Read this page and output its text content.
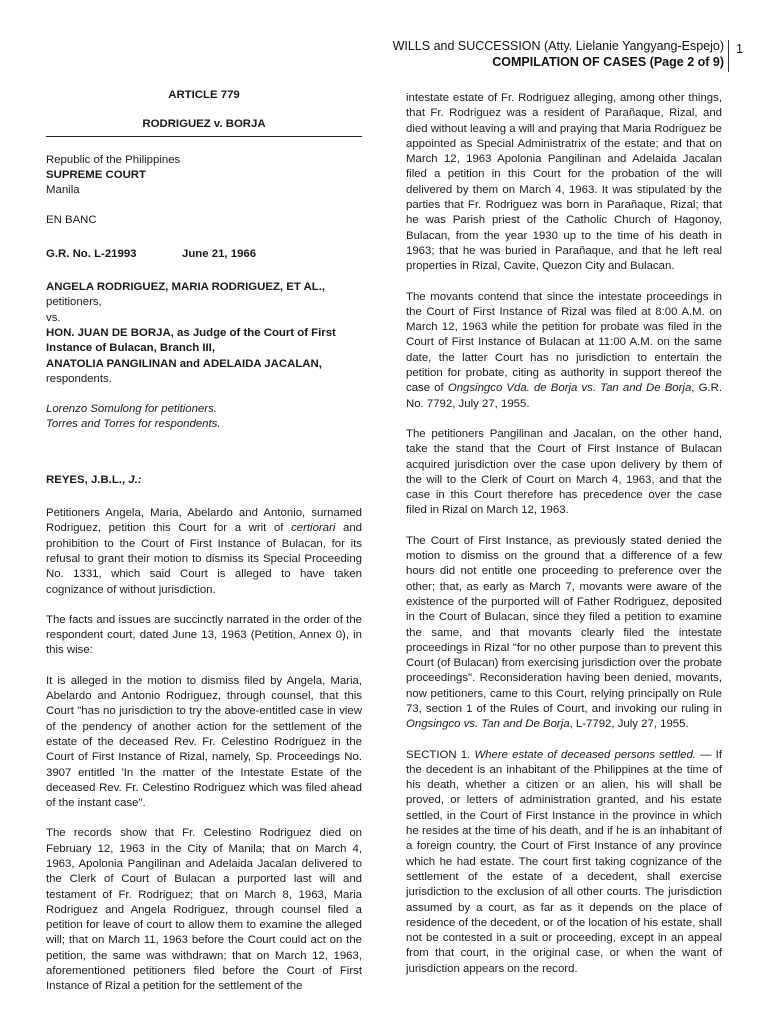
WILLS and SUCCESSION (Atty. Lielanie Yangyang-Espejo)
COMPILATION OF CASES (Page 2 of 9)
1
ARTICLE 779
RODRIGUEZ v. BORJA
Republic of the Philippines
SUPREME COURT
Manila
EN BANC
G.R. No. L-21993	June 21, 1966
ANGELA RODRIGUEZ, MARIA RODRIGUEZ, ET AL.,
petitioners,
vs.
HON. JUAN DE BORJA, as Judge of the Court of First Instance of Bulacan, Branch III,
ANATOLIA PANGILINAN and ADELAIDA JACALAN,
respondents.
Lorenzo Somulong for petitioners.
Torres and Torres for respondents.

REYES, J.B.L., J.:

Petitioners Angela, Maria, Abelardo and Antonio, surnamed Rodriguez, petition this Court for a writ of certiorari and prohibition to the Court of First Instance of Bulacan, for its refusal to grant their motion to dismiss its Special Proceeding No. 1331, which said Court is alleged to have taken cognizance of without jurisdiction.

The facts and issues are succinctly narrated in the order of the respondent court, dated June 13, 1963 (Petition, Annex 0), in this wise:

It is alleged in the motion to dismiss filed by Angela, Maria, Abelardo and Antonio Rodriguez, through counsel, that this Court "has no jurisdiction to try the above-entitled case in view of the pendency of another action for the settlement of the estate of the deceased Rev. Fr. Celestino Rodriguez in the Court of First Instance of Rizal, namely, Sp. Proceedings No. 3907 entitled 'In the matter of the Intestate Estate of the deceased Rev. Fr. Celestino Rodriguez which was filed ahead of the instant case".

The records show that Fr. Celestino Rodriguez died on February 12, 1963 in the City of Manila; that on March 4, 1963, Apolonia Pangilinan and Adelaida Jacalan delivered to the Clerk of Court of Bulacan a purported last will and testament of Fr. Rodriguez; that on March 8, 1963, Maria Rodriguez and Angela Rodriguez, through counsel filed a petition for leave of court to allow them to examine the alleged will; that on March 11, 1963 before the Court could act on the petition, the same was withdrawn; that on March 12, 1963, aforementioned petitioners filed before the Court of First Instance of Rizal a petition for the settlement of the

intestate estate of Fr. Rodriguez alleging, among other things, that Fr. Rodriguez was a resident of Parañaque, Rizal, and died without leaving a will and praying that Maria Rodriguez be appointed as Special Administratrix of the estate; and that on March 12, 1963 Apolonia Pangilinan and Adelaida Jacalan filed a petition in this Court for the probation of the will delivered by them on March 4, 1963. It was stipulated by the parties that Fr. Rodriguez was born in Parañaque, Rizal; that he was Parish priest of the Catholic Church of Hagonoy, Bulacan, from the year 1930 up to the time of his death in 1963; that he was buried in Parañaque, and that he left real properties in Rizal, Cavite, Quezon City and Bulacan.

The movants contend that since the intestate proceedings in the Court of First Instance of Rizal was filed at 8:00 A.M. on March 12, 1963 while the petition for probate was filed in the Court of First Instance of Bulacan at 11:00 A.M. on the same date, the latter Court has no jurisdiction to entertain the petition for probate, citing as authority in support thereof the case of Ongsingco Vda. de Borja vs. Tan and De Borja, G.R. No. 7792, July 27, 1955.

The petitioners Pangilinan and Jacalan, on the other hand, take the stand that the Court of First Instance of Bulacan acquired jurisdiction over the case upon delivery by them of the will to the Clerk of Court on March 4, 1963, and that the case in this Court therefore has precedence over the case filed in Rizal on March 12, 1963.

The Court of First Instance, as previously stated denied the motion to dismiss on the ground that a difference of a few hours did not entitle one proceeding to preference over the other; that, as early as March 7, movants were aware of the existence of the purported will of Father Rodriguez, deposited in the Court of Bulacan, since they filed a petition to examine the same, and that movants clearly filed the intestate proceedings in Rizal "for no other purpose than to prevent this Court (of Bulacan) from exercising jurisdiction over the probate proceedings". Reconsideration having been denied, movants, now petitioners, came to this Court, relying principally on Rule 73, section 1 of the Rules of Court, and invoking our ruling in Ongsingco vs. Tan and De Borja, L-7792, July 27, 1955.

SECTION 1. Where estate of deceased persons settled. — If the decedent is an inhabitant of the Philippines at the time of his death, whether a citizen or an alien, his will shall be proved, or letters of administration granted, and his estate settled, in the Court of First Instance in the province in which he resides at the time of his death, and if he is an inhabitant of a foreign country, the Court of First Instance of any province which he had estate. The court first taking cognizance of the settlement of the estate of a decedent, shall exercise jurisdiction to the exclusion of all other courts. The jurisdiction assumed by a court, as far as it depends on the place of residence of the decedent, or of the location of his estate, shall not be contested in a suit or proceeding, except in an appeal from that court, in the original case, or when the want of jurisdiction appears on the record.
